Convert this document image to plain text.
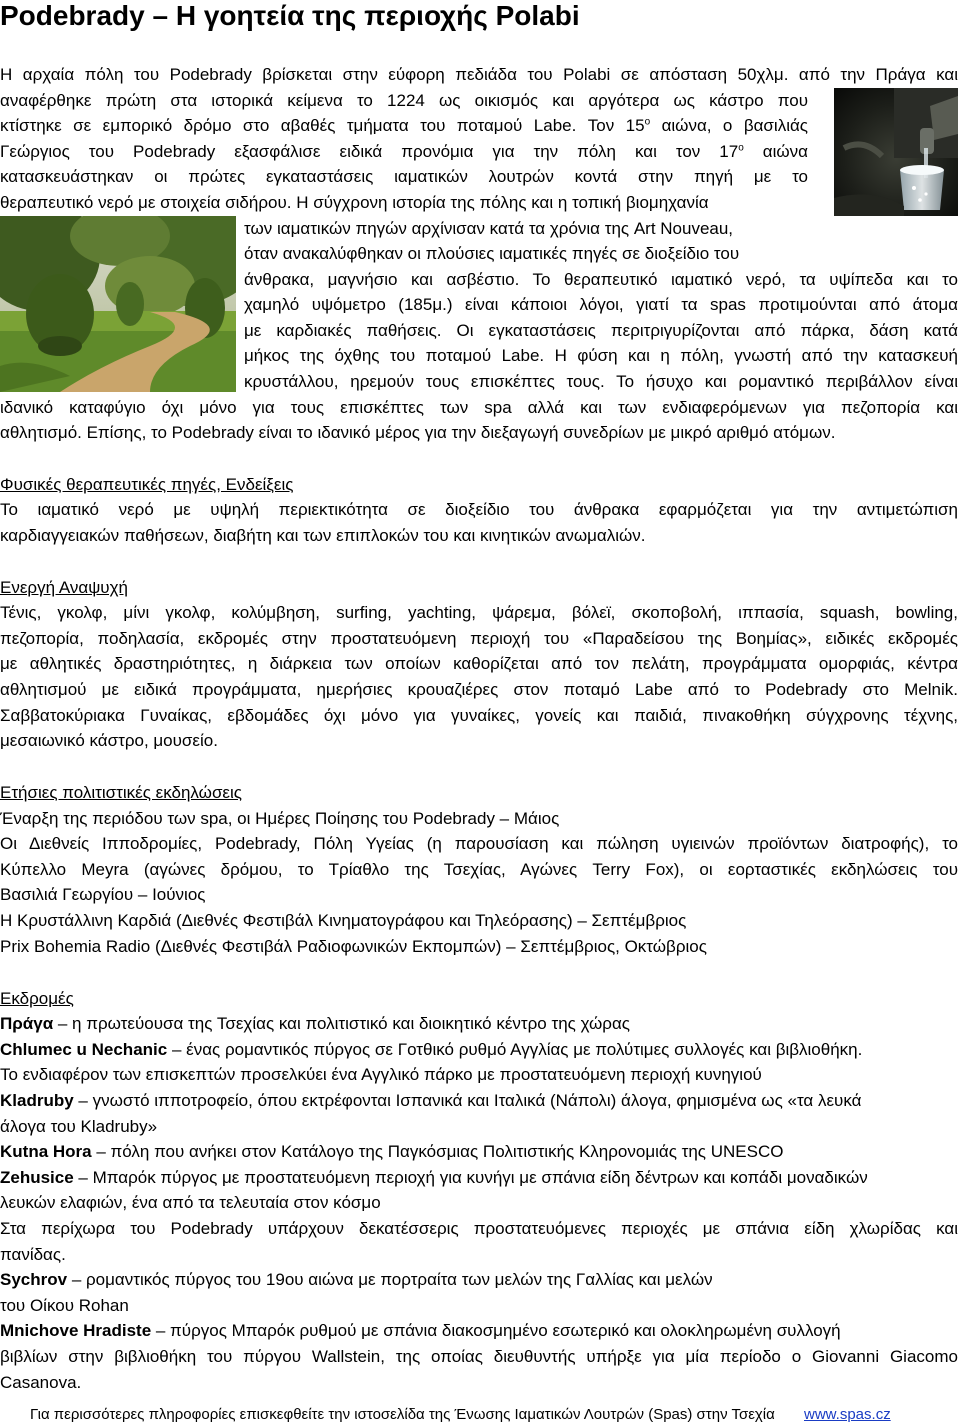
Podebrady – Η γοητεία της περιοχής Polabi
Η αρχαία πόλη του Podebrady βρίσκεται στην εύφορη πεδιάδα του Polabi σε απόσταση 50χλμ. από την Πράγα και
αναφέρθηκε πρώτη στα ιστορικά κείμενα το 1224 ως οικισμός και αργότερα ως κάστρο που
κτίστηκε σε εμπορικό δρόμο στο αβαθές τμήματα του ποταμού Labe. Τον $15^o$ αιώνα, ο βασιλιάς
Γεώργιος του Podebrady εξασφάλισε ειδικά προνόμια για την πόλη και τον $17^o$ αιώνα
κατασκευάστηκαν οι πρώτες εγκαταστάσεις ιαματικών λουτρών κοντά στην πηγή με το
θεραπευτικό νερό με στοιχεία σιδήρου. Η σύγχρονη ιστορία της πόλης και η τοπική βιομηχανία
των ιαματικών πηγών αρχίνισαν κατά τα χρόνια της Art Nouveau,
όταν ανακαλύφθηκαν οι πλούσιες ιαματικές πηγές σε διοξείδιο του
άνθρακα, μαγνήσιο και ασβέστιο. Το θεραπευτικό ιαματικό νερό, τα υψίπεδα και το
χαμηλό υψόμετρο (185μ.) είναι κάποιοι λόγοι, γιατί τα spas προτιμούνται από άτομα
με καρδιακές παθήσεις. Οι εγκαταστάσεις περιτριγυρίζονται από πάρκα, δάση κατά
μήκος της όχθης του ποταμού Labe. Η φύση και η πόλη, γνωστή από την κατασκευή
κρυστάλλου, ηρεμούν τους επισκέπτες τους. Το ήσυχο και ρομαντικό περιβάλλον είναι
ιδανικό καταφύγιο όχι μόνο για τους επισκέπτες των spa αλλά και των ενδιαφερόμενων για πεζοπορία και
αθλητισμό. Επίσης, το Podebrady είναι το ιδανικό μέρος για την διεξαγωγή συνεδρίων με μικρό αριθμό ατόμων.
Φυσικές θεραπευτικές πηγές, Ενδείξεις
Το ιαματικό νερό με υψηλή περιεκτικότητα σε διοξείδιο του άνθρακα εφαρμόζεται για την αντιμετώπιση
καρδιαγγειακών παθήσεων, διαβήτη και των επιπλοκών του και κινητικών ανωμαλιών.
Ενεργή Αναψυχή
Τένις, γκολφ, μίνι γκολφ, κολύμβηση, surfing, yachting, ψάρεμα, βόλεϊ, σκοποβολή, ιππασία, squash, bowling,
πεζοπορία, ποδηλασία, εκδρομές στην προστατευόμενη περιοχή του «Παραδείσου της Βοημίας», ειδικές εκδρομές
με αθλητικές δραστηριότητες, η διάρκεια των οποίων καθορίζεται από τον πελάτη, προγράμματα ομορφιάς, κέντρα
αθλητισμού με ειδικά προγράμματα, ημερήσιες κρουαζιέρες στον ποταμό Labe από το Podebrady στο Melnik.
Σαββατοκύριακα Γυναίκας, εβδομάδες όχι μόνο για γυναίκες, γονείς και παιδιά, πινακοθήκη σύγχρονης τέχνης,
μεσαιωνικό κάστρο, μουσείο.
Ετήσιες πολιτιστικές εκδηλώσεις
Έναρξη της περιόδου των spa, οι Ημέρες Ποίησης του Podebrady – Μάιος
Οι Διεθνείς Ιπποδρομίες, Podebrady, Πόλη Υγείας (η παρουσίαση και πώληση υγιεινών προϊόντων διατροφής), το
Κύπελλο Meyra (αγώνες δρόμου, το Τρίαθλο της Τσεχίας, Αγώνες Terry Fox), οι εορταστικές εκδηλώσεις του
Βασιλιά Γεωργίου – Ιούνιος
Η Κρυστάλλινη Καρδιά (Διεθνές Φεστιβάλ Κινηματογράφου και Τηλεόρασης) – Σεπτέμβριος
Prix Bohemia Radio (Διεθνές Φεστιβάλ Ραδιοφωνικών Εκπομπών) – Σεπτέμβριος, Οκτώβριος
Εκδρομές
Πράγα – η πρωτεύουσα της Τσεχίας και πολιτιστικό και διοικητικό κέντρο της χώρας
Chlumec u Nechanic – ένας ρομαντικός πύργος σε Γοτθικό ρυθμό Αγγλίας με πολύτιμες συλλογές και βιβλιοθήκη.
Το ενδιαφέρον των επισκεπτών προσελκύει ένα Αγγλικό πάρκο με προστατευόμενη περιοχή κυνηγιού
Kladruby – γνωστό ιπποτροφείο, όπου εκτρέφονται Ισπανικά και Ιταλικά (Νάπολι) άλογα, φημισμένα ως «τα λευκά
άλογα του Kladruby»
Kutna Hora – πόλη που ανήκει στον Κατάλογο της Παγκόσμιας Πολιτιστικής Κληρονομιάς της UNESCO
Zehusice – Μπαρόκ πύργος με προστατευόμενη περιοχή για κυνήγι με σπάνια είδη δέντρων και κοπάδι μοναδικών
λευκών ελαφιών, ένα από τα τελευταία στον κόσμο
Στα περίχωρα του Podebrady υπάρχουν δεκατέσσερις προστατευόμενες περιοχές με σπάνια είδη χλωρίδας και
πανίδας.
Sychrov – ρομαντικός πύργος του 19ου αιώνα με πορτραίτα των μελών της Γαλλίας και μελών
του Οίκου Rohan
Mnichove Hradiste – πύργος Μπαρόκ ρυθμού με σπάνια διακοσμημένο εσωτερικό και ολοκληρωμένη συλλογή
βιβλίων στην βιβλιοθήκη του πύργου Wallstein, της οποίας διευθυντής υπήρξε για μία περίοδο ο Giovanni Giacomo
Casanova.
Για περισσότερες πληροφορίες επισκεφθείτε την ιστοσελίδα της Ένωσης Ιαματικών Λουτρών (Spas) στην Τσεχία www.spas.cz
